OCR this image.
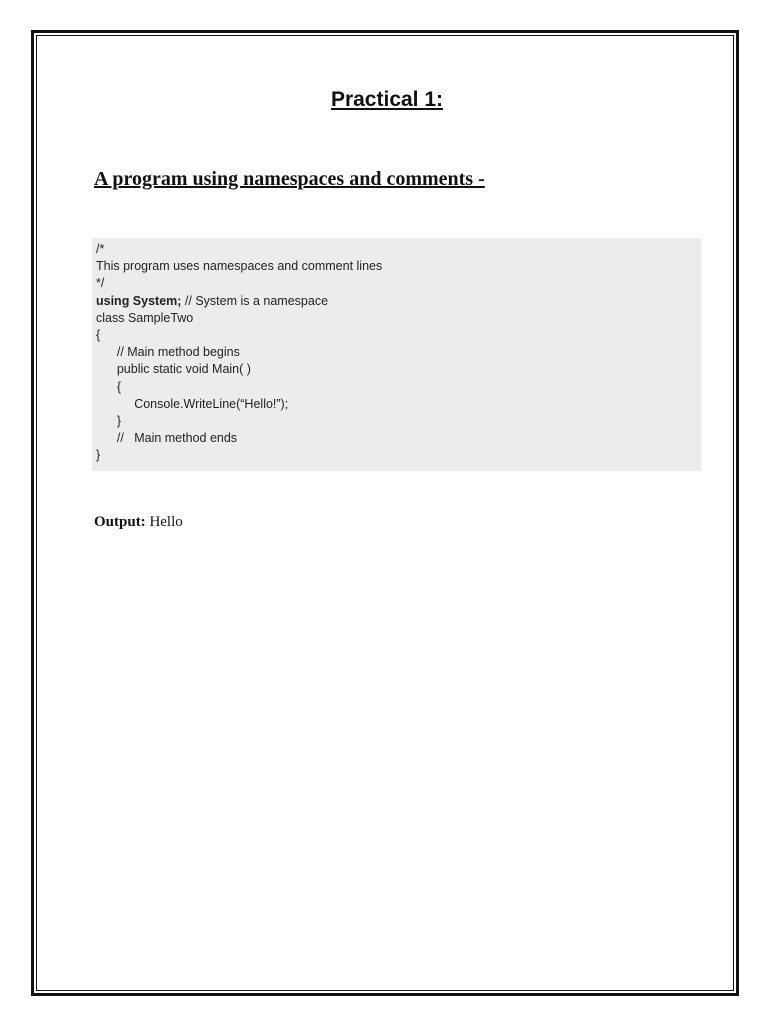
Practical 1:
A program using namespaces and comments -
/*
This program uses namespaces and comment lines
*/
using System; // System is a namespace
class SampleTwo
{
// Main method begins
public static void Main( )
{
Console.WriteLine(“Hello!”);
}
//   Main method ends
}
Output: Hello
